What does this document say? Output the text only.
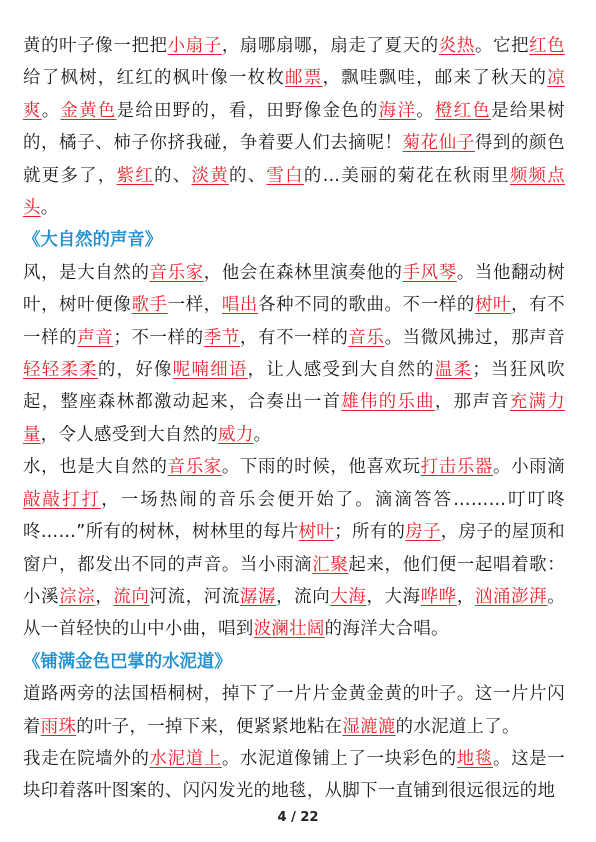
黄的叶子像一把把小扇子，扇哪扇哪，扇走了夏天的炎热。它把红色给了枫树，红红的枫叶像一枚枚邮票，飘哇飘哇，邮来了秋天的凉爽。金黄色是给田野的，看，田野像金色的海洋。橙红色是给果树的，橘子、柿子你挤我碰，争着要人们去摘呢！菊花仙子得到的颜色就更多了，紫红的、淡黄的、雪白的…美丽的菊花在秋雨里频频点头。

《大自然的声音》

风，是大自然的音乐家，他会在森林里演奏他的手风琴。当他翻动树叶，树叶便像歌手一样，唱出各种不同的歌曲。不一样的树叶，有不一样的声音；不一样的季节，有不一样的音乐。当微风拂过，那声音轻轻柔柔的，好像呢喃细语，让人感受到大自然的温柔；当狂风吹起，整座森林都激动起来，合奏出一首雄伟的乐曲，那声音充满力量，令人感受到大自然的威力。

水，也是大自然的音乐家。下雨的时候，他喜欢玩打击乐器。小雨滴敲敲打打，一场热闹的音乐会便开始了。滴滴答答………叮叮咚咚……”所有的树林，树林里的每片树叶；所有的房子，房子的屋顶和窗户，都发出不同的声音。当小雨滴汇聚起来，他们便一起唱着歌：小溪淙淙，流向河流，河流潺潺，流向大海，大海哗哗，汹涌澎湃。从一首轻快的山中小曲，唱到波澜壮阔的海洋大合唱。

《铺满金色巴掌的水泥道》

道路两旁的法国梧桐树，掉下了一片片金黄金黄的叶子。这一片片闪着雨珠的叶子，一掉下来，便紧紧地粘在湿漉漉的水泥道上了。

我走在院墙外的水泥道上。水泥道像铺上了一块彩色的地毯。这是一块印着落叶图案的、闪闪发光的地毯，从脚下一直铺到很远很远的地

4 / 22
